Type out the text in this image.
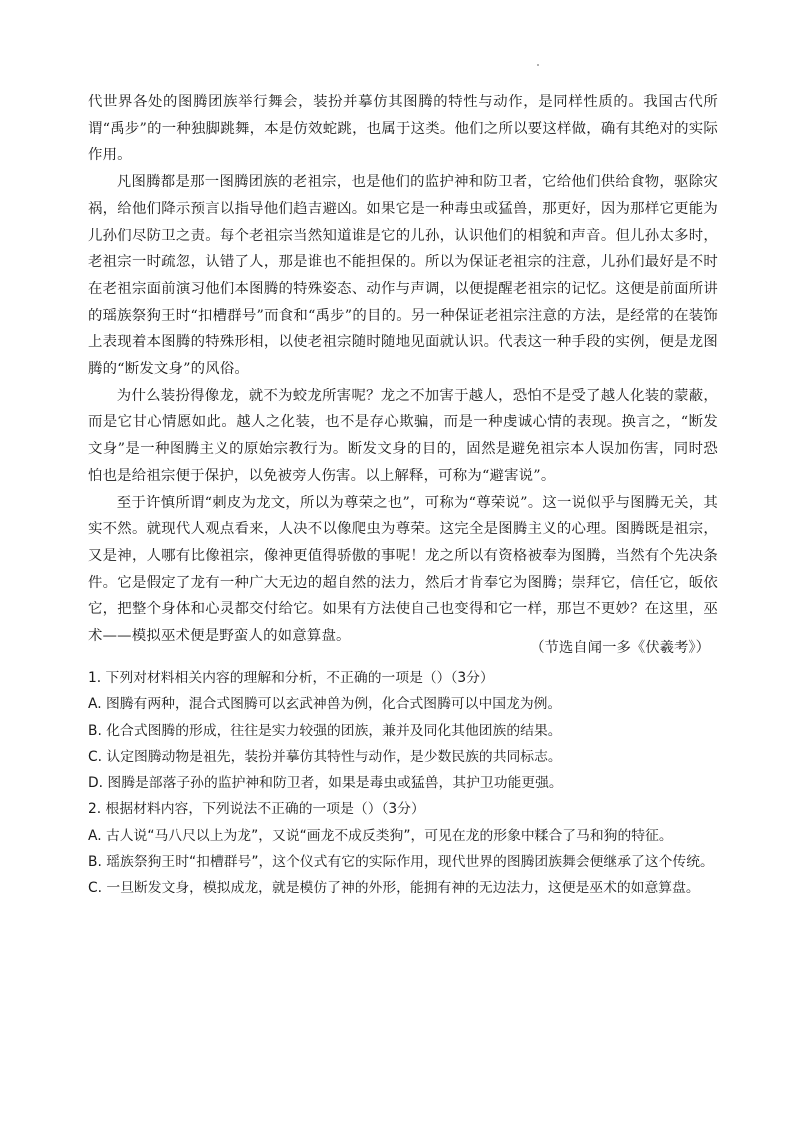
代世界各处的图腾团族举行舞会，装扮并摹仿其图腾的特性与动作，是同样性质的。我国古代所谓“禹步”的一种独脚跳舞，本是仿效蛇跳，也属于这类。他们之所以要这样做，确有其绝对的实际作用。

凡图腾都是那一图腾团族的老祖宗，也是他们的监护神和防卫者，它给他们供给食物，驱除灾祸，给他们降示预言以指导他们趋吉避凶。如果它是一种毒虫或猛兽，那更好，因为那样它更能为儿孙们尽防卫之责。每个老祖宗当然知道谁是它的儿孙，认识他们的相貌和声音。但儿孙太多时，老祖宗一时疏忽，认错了人，那是谁也不能担保的。所以为保证老祖宗的注意，儿孙们最好是不时在老祖宗面前演习他们本图腾的特殊姿态、动作与声调，以便提醒老祖宗的记忆。这便是前面所讲的瑶族祭狗王时“扣槽群号”而食和“禹步”的目的。另一种保证老祖宗注意的方法，是经常的在装饰上表现着本图腾的特殊形相，以使老祖宗随时随地见面就认识。代表这一种手段的实例，便是龙图腾的“断发文身”的风俗。

为什么装扮得像龙，就不为蛟龙所害呢？龙之不加害于越人，恐怕不是受了越人化装的蒙蔽，而是它甘心情愿如此。越人之化装，也不是存心欺骗，而是一种虔诚心情的表现。换言之，“断发文身”是一种图腾主义的原始宗教行为。断发文身的目的，固然是避免祖宗本人误加伤害，同时恐怕也是给祖宗便于保护，以免被旁人伤害。以上解释，可称为“避害说”。

至于许慎所谓“刺皮为龙文，所以为尊荣之也”，可称为“尊荣说”。这一说似乎与图腾无关，其实不然。就现代人观点看来，人决不以像爬虫为尊荣。这完全是图腾主义的心理。图腾既是祖宗，又是神，人哪有比像祖宗，像神更值得骄傲的事呢！龙之所以有资格被奉为图腾，当然有个先决条件。它是假定了龙有一种广大无边的超自然的法力，然后才肯奉它为图腾；崇拜它，信任它，皈依它，把整个身体和心灵都交付给它。如果有方法使自己也变得和它一样，那岂不更妙？在这里，巫术——模拟巫术便是野蛮人的如意算盘。

（节选自闻一多《伏羲考》）

1. 下列对材料相关内容的理解和分析，不正确的一项是（）（3分）

A. 图腾有两种，混合式图腾可以玄武神兽为例，化合式图腾可以中国龙为例。

B. 化合式图腾的形成，往往是实力较强的团族，兼并及同化其他团族的结果。

C. 认定图腾动物是祖先，装扮并摹仿其特性与动作，是少数民族的共同标志。

D. 图腾是部落子孙的监护神和防卫者，如果是毒虫或猛兽，其护卫功能更强。

2. 根据材料内容，下列说法不正确的一项是（）（3分）

A. 古人说“马八尺以上为龙”，又说“画龙不成反类狗”，可见在龙的形象中糅合了马和狗的特征。

B. 瑶族祭狗王时“扣槽群号”，这个仪式有它的实际作用，现代世界的图腾团族舞会便继承了这个传统。

C. 一旦断发文身，模拟成龙，就是模仿了神的外形，能拥有神的无边法力，这便是巫术的如意算盘。
